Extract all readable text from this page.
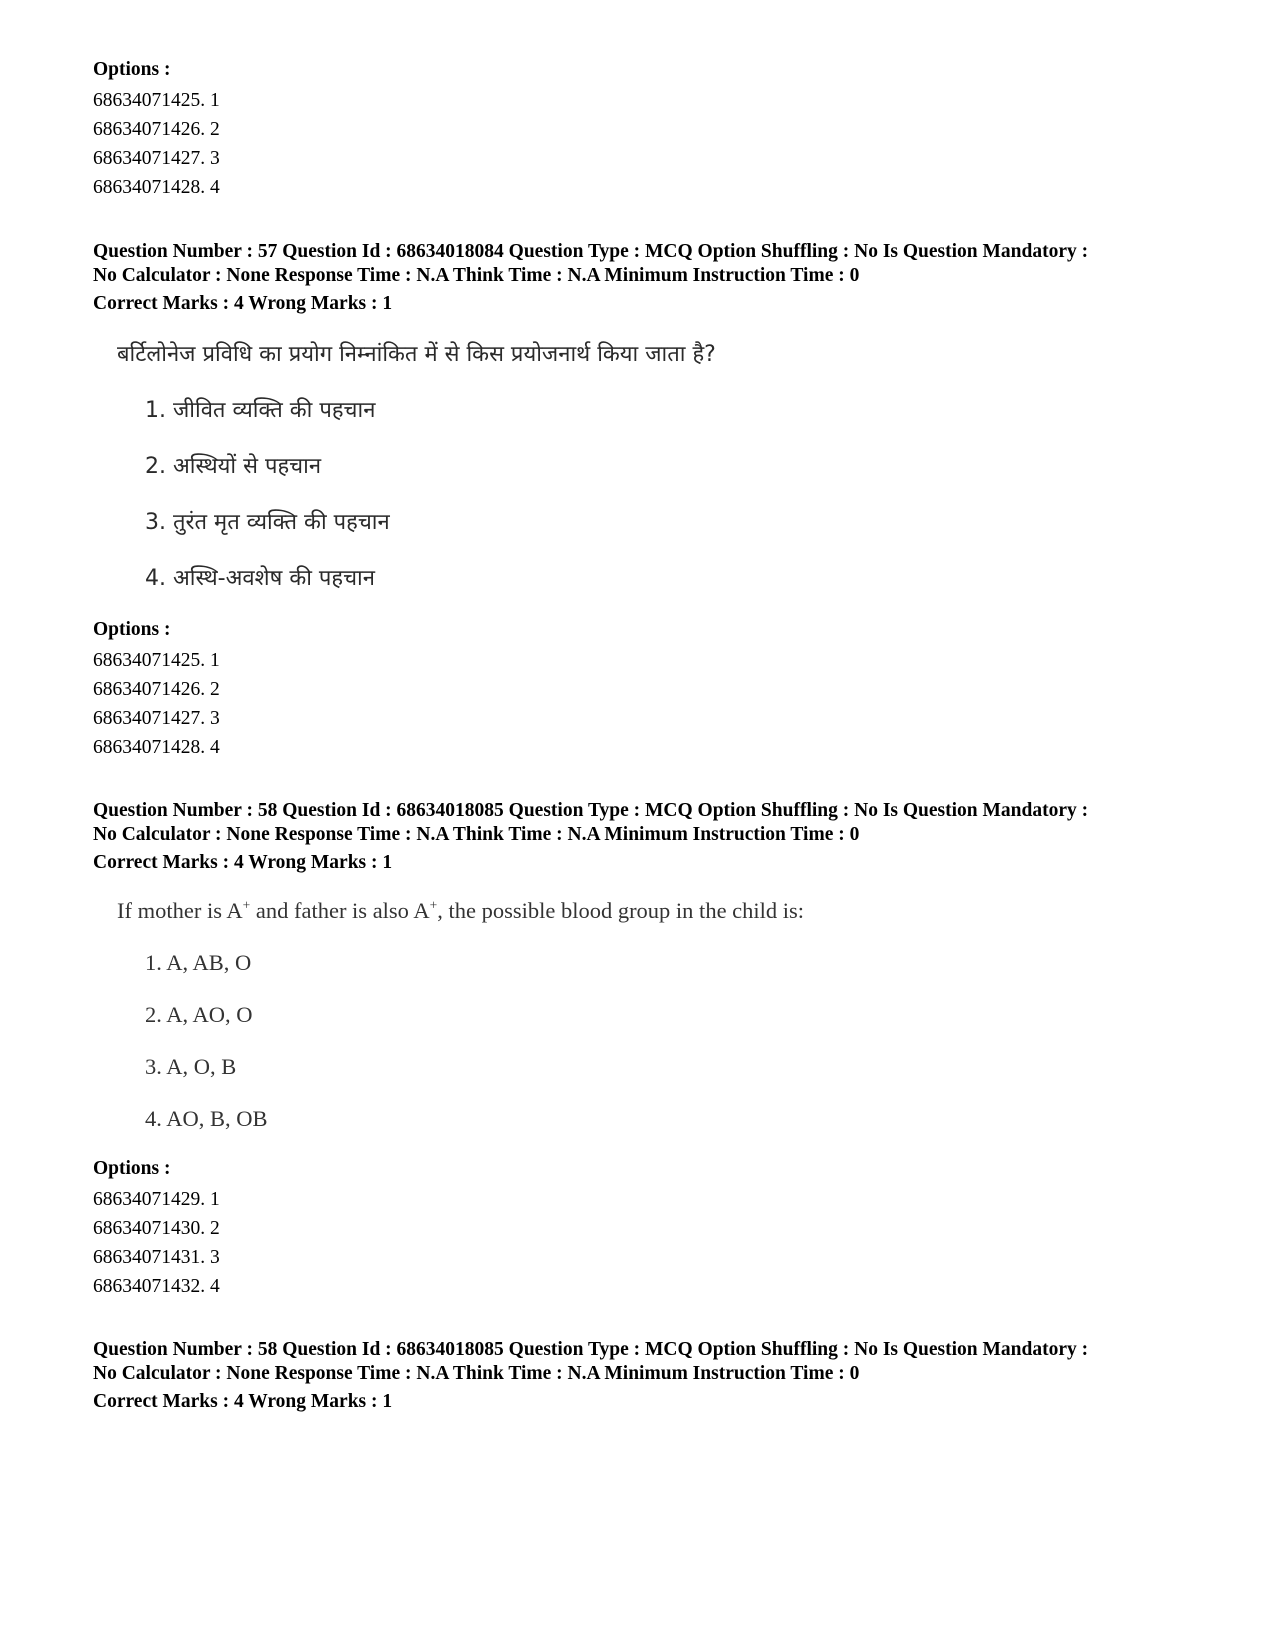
Options :
68634071425. 1
68634071426. 2
68634071427. 3
68634071428. 4
Question Number : 57 Question Id : 68634018084 Question Type : MCQ Option Shuffling : No Is Question Mandatory :
No Calculator : None Response Time : N.A Think Time : N.A Minimum Instruction Time : 0
Correct Marks : 4 Wrong Marks : 1
बर्टिलोनेज प्रविधि का प्रयोग निम्नांकित में से किस प्रयोजनार्थ किया जाता है?
1. जीवित व्यक्ति की पहचान
2. अस्थियों से पहचान
3. तुरंत मृत व्यक्ति की पहचान
4. अस्थि-अवशेष की पहचान
Options :
68634071425. 1
68634071426. 2
68634071427. 3
68634071428. 4
Question Number : 58 Question Id : 68634018085 Question Type : MCQ Option Shuffling : No Is Question Mandatory :
No Calculator : None Response Time : N.A Think Time : N.A Minimum Instruction Time : 0
Correct Marks : 4 Wrong Marks : 1
If mother is A+ and father is also A+, the possible blood group in the child is:
1. A, AB, O
2. A, AO, O
3. A, O, B
4. AO, B, OB
Options :
68634071429. 1
68634071430. 2
68634071431. 3
68634071432. 4
Question Number : 58 Question Id : 68634018085 Question Type : MCQ Option Shuffling : No Is Question Mandatory :
No Calculator : None Response Time : N.A Think Time : N.A Minimum Instruction Time : 0
Correct Marks : 4 Wrong Marks : 1
